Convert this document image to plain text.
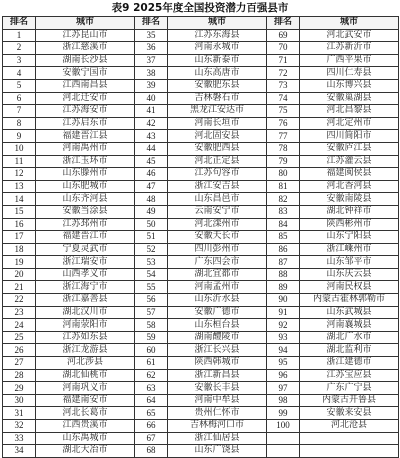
表9 2025年度全国投资潜力百强县市
排名	城市	排名	城市	排名	城市
1	江苏昆山市	35	江苏东海县	69	河北武安市
2	浙江慈溪市	36	河南永城市	70	江苏新沂市
3	湖南长沙县	37	山东新泰市	71	广西平果市
4	安徽宁国市	38	山东高唐市	72	四川仁寿县
5	江西南昌县	39	安徽肥东县	73	山东博兴县
6	河北迁安市	40	吉林磐石市	74	安徽巢湖县
7	江苏海安市	41	黑龙江安达市	75	河北昌黎县
8	江苏启东市	42	河南长垣市	76	河北定州市
9	福建晋江县	43	河北固安县	77	四川简阳市
10	河南禹州市	44	安徽肥西县	78	安徽庐江县
11	浙江玉环市	45	河北正定县	79	江苏灌云县
12	山东滕州市	46	江苏句容市	80	福建闽侯县
13	山东肥城市	47	浙江安吉县	81	河北香河县
14	山东齐河县	48	山东昌邑市	82	安徽南陵县
15	安徽当涂县	49	云南安宁市	83	湖北钟祥市
16	江苏邳州市	50	河北滦州市	84	陕西彬州市
17	福建晋江市	51	安徽天长市	85	山东宁阳县
18	宁夏灵武市	52	四川彭州市	86	浙江嵊州市
19	浙江瑞安市	53	广东四会市	87	山东邹平市
20	山西孝义市	54	湖北宜都市	88	山东庆云县
21	浙江海宁市	55	河南孟州市	89	河南民权县
22	浙江嘉善县	56	山东沂水县	90	内蒙古霍林郭勒市
23	湖北汉川市	57	安徽广德市	91	山东武城县
24	河南荥阳市	58	山东桓台县	92	河南襄城县
25	江苏如东县	59	湖南醴陵市	93	湖北广水市
26	浙江龙游县	60	浙江长兴县	94	湖北监利市
27	河北涉县	61	陕西韩城市	95	浙江建德市
28	湖北仙桃市	62	浙江新昌县	96	江苏宝应县
29	河南巩义市	63	安徽长丰县	97	广东广宁县
30	福建南安市	64	河南中牟县	98	内蒙古开鲁县
31	河北长葛市	65	贵州仁怀市	99	安徽来安县
32	江西贵溪市	66	吉林梅河口市	100	河北沧县
33	山东禹城市	67	浙江仙居县		
34	湖北大冶市	68	山东广饶县		
